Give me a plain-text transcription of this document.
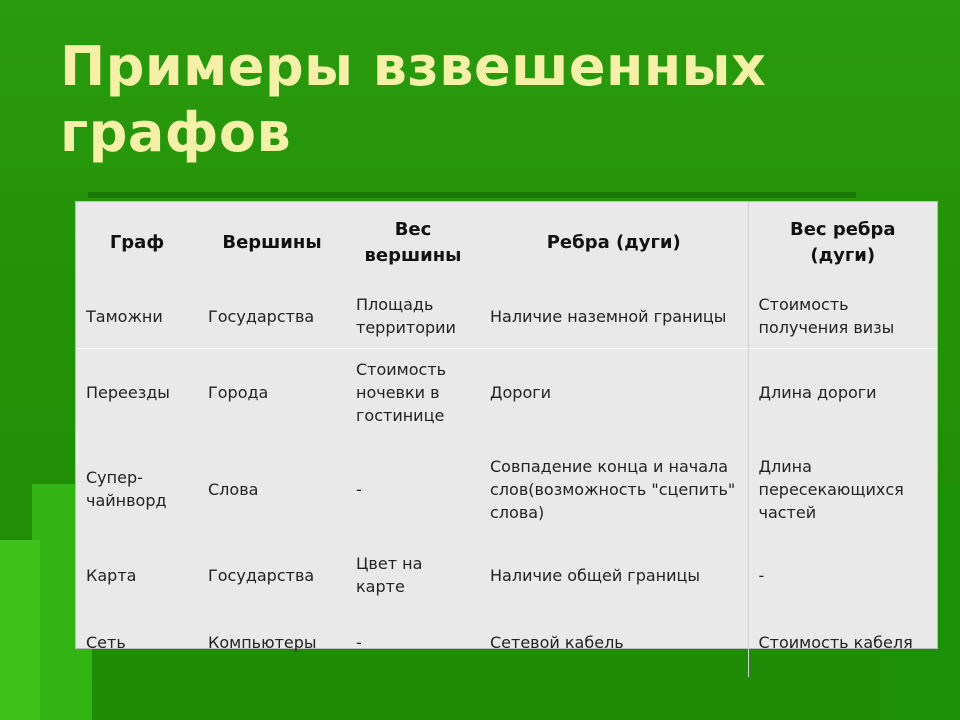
Примеры взвешенных графов
Граф	Вершины	Вес вершины	Ребра (дуги)	Вес ребра (дуги)
Таможни	Государства	Площадь территории	Наличие наземной границы	Стоимость получения визы
Переезды	Города	Стоимость ночевки в гостинице	Дороги	Длина дороги
Супер-чайнворд	Слова	-	Совпадение конца и начала слов(возможность "сцепить" слова)	Длина пересекающихся частей
Карта	Государства	Цвет на карте	Наличие общей границы	-
Сеть	Компьютеры	-	Сетевой кабель	Стоимость кабеля
